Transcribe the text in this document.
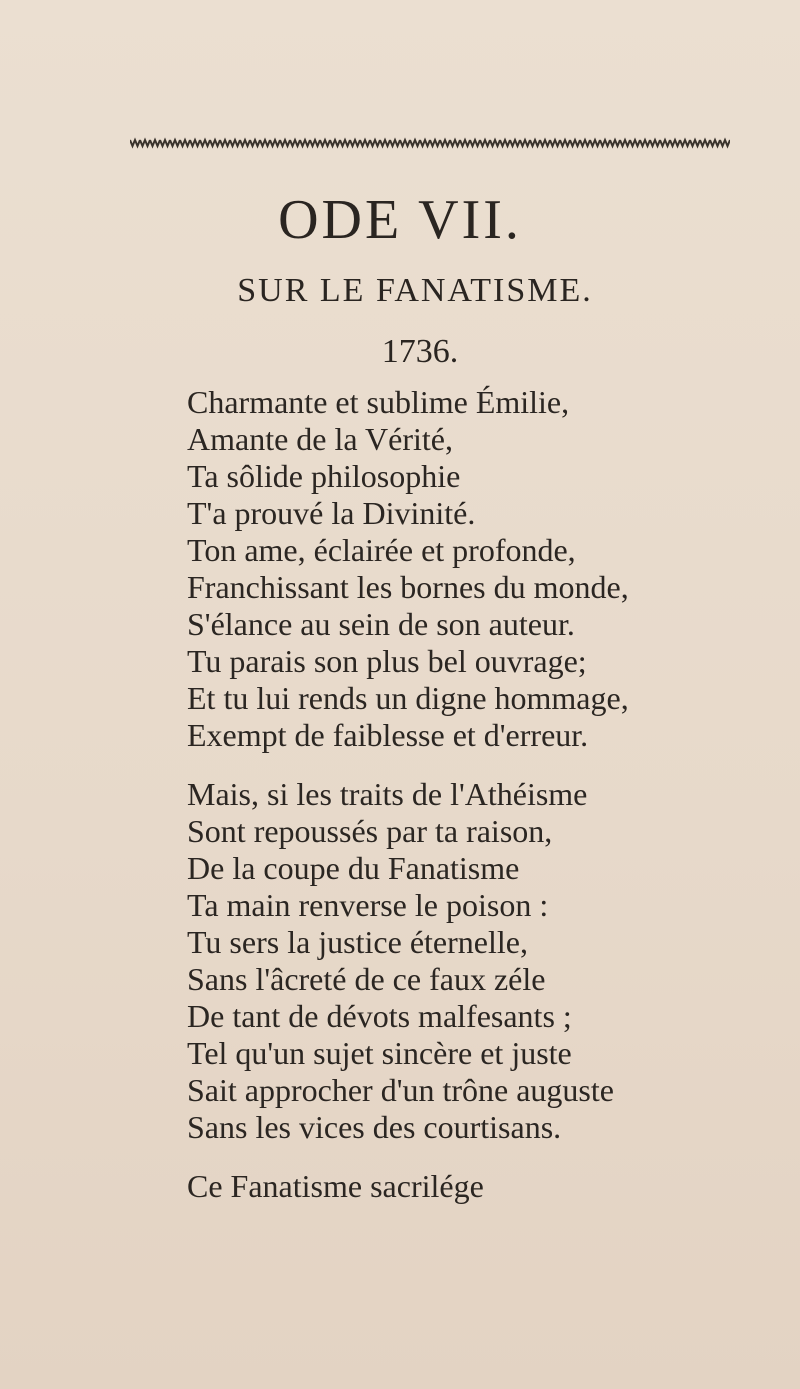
ODE VII.
SUR LE FANATISME.
1736.
Charmante et sublime Émilie,
Amante de la Vérité,
Ta sôlide philosophie
T'a prouvé la Divinité.
Ton ame, éclairée et profonde,
Franchissant les bornes du monde,
S'élance au sein de son auteur.
Tu parais son plus bel ouvrage;
Et tu lui rends un digne hommage,
Exempt de faiblesse et d'erreur.
Mais, si les traits de l'Athéisme
Sont repoussés par ta raison,
De la coupe du Fanatisme
Ta main renverse le poison :
Tu sers la justice éternelle,
Sans l'âcreté de ce faux zéle
De tant de dévots malfesants ;
Tel qu'un sujet sincère et juste
Sait approcher d'un trône auguste
Sans les vices des courtisans.
Ce Fanatisme sacrilége
